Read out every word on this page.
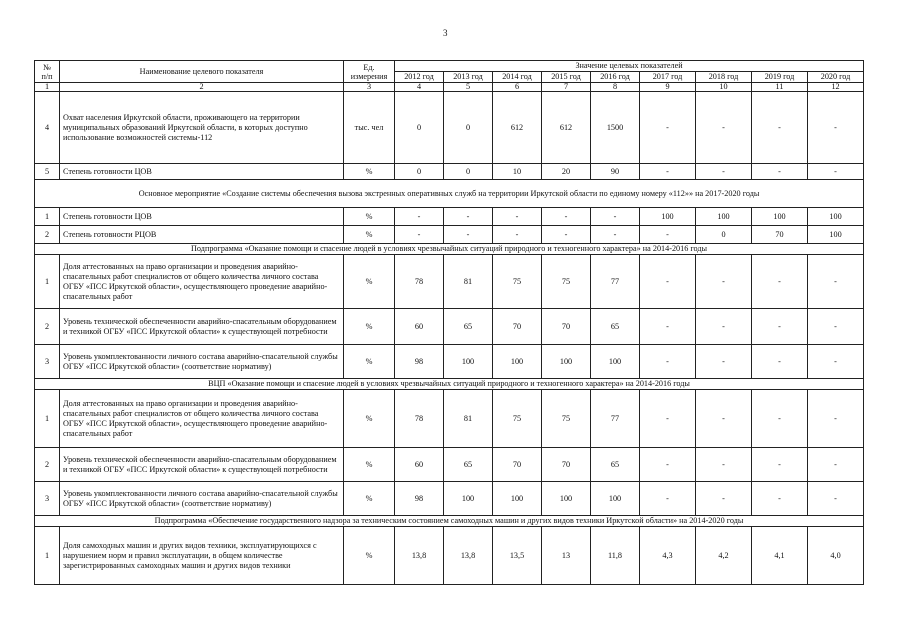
3
№
п/п	Наименование целевого показателя	Ед.
измерения	Значение целевых показателей								
			2012 год	2013 год	2014 год	2015 год	2016 год	2017 год	2018 год	2019 год	2020 год
1	2	3	4	5	6	7	8	9	10	11	12
4	Охват населения Иркутской области, проживающего на территории муниципальных образований Иркутской области, в которых доступно использование возможностей системы-112	тыс. чел	0	0	612	612	1500	-	-	-	-
5	Степень готовности ЦОВ	%	0	0	10	20	90	-	-	-	-
Основное мероприятие «Создание системы обеспечения вызова экстренных оперативных служб на территории Иркутской области по единому номеру «112»» на 2017-2020 годы											
1	Степень готовности ЦОВ	%	-	-	-	-	-	100	100	100	100
2	Степень готовности РЦОВ	%	-	-	-	-	-	-	0	70	100
Подпрограмма «Оказание помощи и спасение людей в условиях чрезвычайных ситуаций природного и техногенного характера» на 2014-2016 годы											
1	Доля аттестованных на право организации и проведения аварийно-спасательных работ специалистов от общего количества личного состава ОГБУ «ПСС Иркутской области», осуществляющего проведение аварийно-спасательных работ	%	78	81	75	75	77	-	-	-	-
2	Уровень технической обеспеченности аварийно-спасательным оборудованием и техникой ОГБУ «ПСС Иркутской области» к существующей потребности	%	60	65	70	70	65	-	-	-	-
3	Уровень укомплектованности личного состава аварийно-спасательной службы ОГБУ «ПСС Иркутской области» (соответствие нормативу)	%	98	100	100	100	100	-	-	-	-
ВЦП «Оказание помощи и спасение людей в условиях чрезвычайных ситуаций природного и техногенного характера» на 2014-2016 годы											
1	Доля аттестованных на право организации и проведения аварийно-спасательных работ специалистов от общего количества личного состава ОГБУ «ПСС Иркутской области», осуществляющего проведение аварийно-спасательных работ	%	78	81	75	75	77	-	-	-	-
2	Уровень технической обеспеченности аварийно-спасательным оборудованием и техникой ОГБУ «ПСС Иркутской области» к существующей потребности	%	60	65	70	70	65	-	-	-	-
3	Уровень укомплектованности личного состава аварийно-спасательной службы ОГБУ «ПСС Иркутской области» (соответствие нормативу)	%	98	100	100	100	100	-	-	-	-
Подпрограмма «Обеспечение государственного надзора за техническим состоянием самоходных машин и других видов техники Иркутской области» на 2014-2020 годы											
1	Доля самоходных машин и других видов техники, эксплуатирующихся с нарушением норм и правил эксплуатации, в общем количестве зарегистрированных самоходных машин и других видов техники	%	13,8	13,8	13,5	13	11,8	4,3	4,2	4,1	4,0
